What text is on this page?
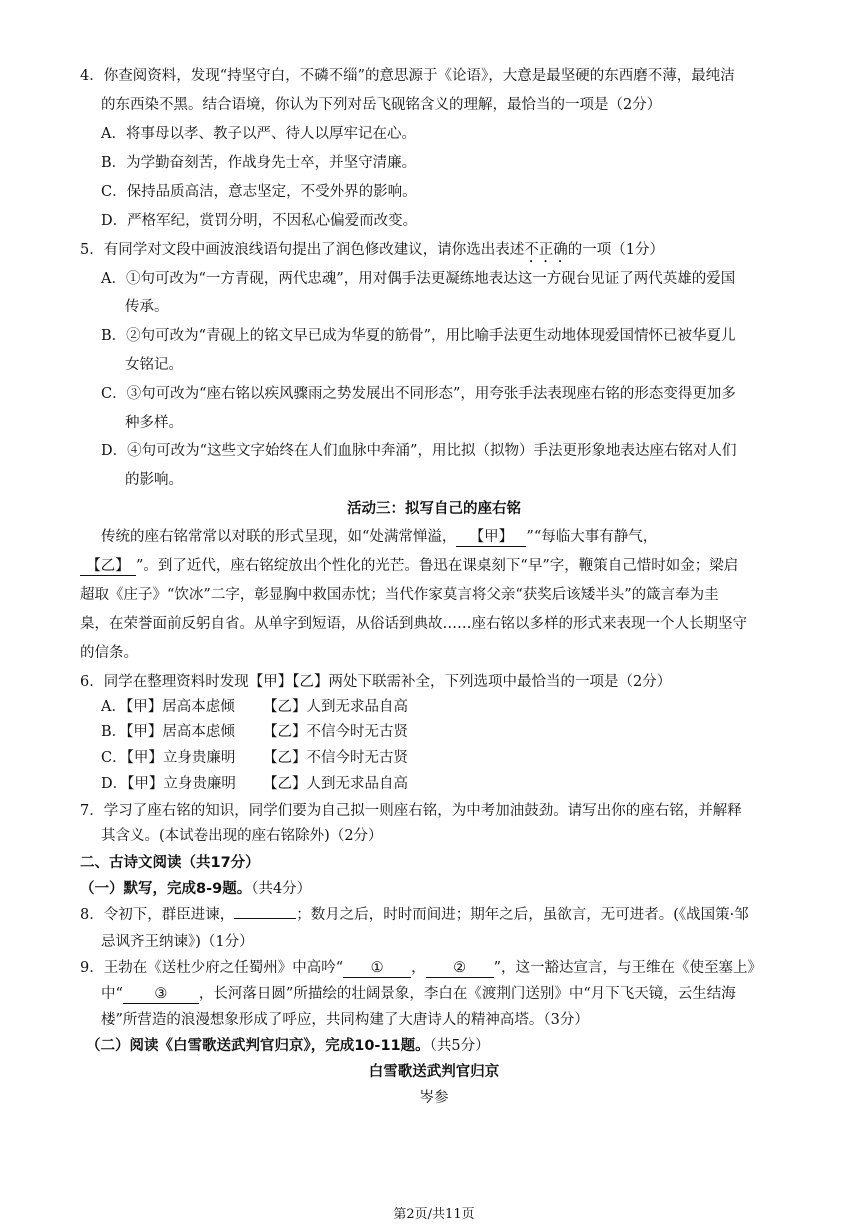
4．你查阅资料，发现“持坚守白，不磷不缁”的意思源于《论语》，大意是最坚硬的东西磨不薄，最纯洁
的东西染不黑。结合语境，你认为下列对岳飞砚铭含义的理解，最恰当的一项是（2分）
A．将事母以孝、教子以严、待人以厚牢记在心。
B．为学勤奋刻苦，作战身先士卒，并坚守清廉。
C．保持品质高洁，意志坚定，不受外界的影响。
D．严格军纪，赏罚分明，不因私心偏爱而改变。
5．有同学对文段中画波浪线语句提出了润色修改建议，请你选出表述不正确的一项（1分）
A．①句可改为“一方青砚，两代忠魂”，用对偶手法更凝练地表达这一方砚台见证了两代英雄的爱国
传承。
B．②句可改为“青砚上的铭文早已成为华夏的筋骨”，用比喻手法更生动地体现爱国情怀已被华夏儿
女铭记。
C．③句可改为“座右铭以疾风骤雨之势发展出不同形态”，用夸张手法表现座右铭的形态变得更加多
种多样。
D．④句可改为“这些文字始终在人们血脉中奔涌”，用比拟（拟物）手法更形象地表达座右铭对人们
的影响。
活动三：拟写自己的座右铭
传统的座右铭常常以对联的形式呈现，如“处满常惮溢， 【甲】 ”“每临大事有静气，
【乙】 ”。到了近代，座右铭绽放出个性化的光芒。鲁迅在课桌刻下“早”字，鞭策自己惜时如金；梁启
超取《庄子》“饮冰”二字，彰显胸中救国赤忱；当代作家莫言将父亲“获奖后该矮半头”的箴言奉为圭
臬，在荣誉面前反躬自省。从单字到短语，从俗话到典故……座右铭以多样的形式来表现一个人长期坚守
的信条。
6．同学在整理资料时发现【甲】【乙】两处下联需补全，下列选项中最恰当的一项是（2分）
A．【甲】居高本虑倾 【乙】人到无求品自高
B．【甲】居高本虑倾 【乙】不信今时无古贤
C．【甲】立身贵廉明 【乙】不信今时无古贤
D．【甲】立身贵廉明 【乙】人到无求品自高
7．学习了座右铭的知识，同学们要为自己拟一则座右铭，为中考加油鼓劲。请写出你的座右铭，并解释
其含义。(本试卷出现的座右铭除外)（2分）
二、古诗文阅读（共17分）
（一）默写，完成8-9题。（共4分）
8．令初下，群臣进谏，	；数月之后，时时而间进；期年之后，虽欲言，无可进者。(《战国策·邹
忌讽齐王纳谏》)（1分）
9．王勃在《送杜少府之任蜀州》中高吟“ ① ， ② ”，这一豁达宣言，与王维在《使至塞上》
中“ ③ ，长河落日圆”所描绘的壮阔景象，李白在《渡荆门送别》中“月下飞天镜，云生结海
楼”所营造的浪漫想象形成了呼应，共同构建了大唐诗人的精神高塔。（3分）
（二）阅读《白雪歌送武判官归京》，完成10-11题。（共5分）
白雪歌送武判官归京
岑参
第2页/共11页
